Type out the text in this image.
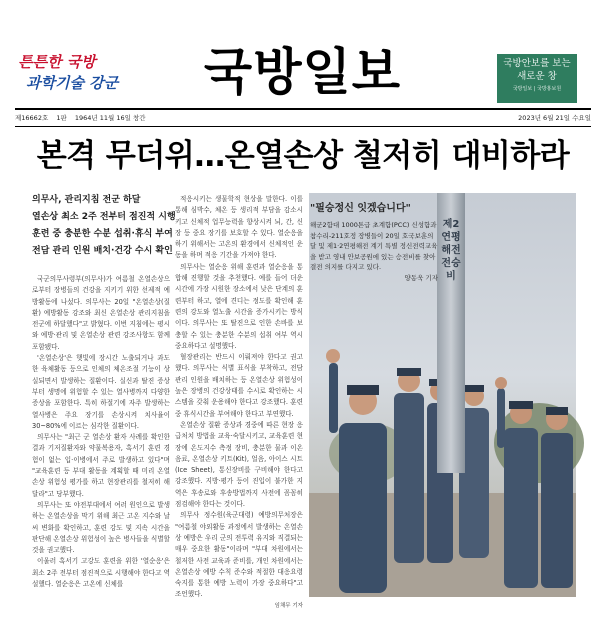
튼튼한 국방
과학기술 강군	국방일보	국방안보를 보는
새로운 창
국방일보 | 국방홍보원
제16662호 1판 1964년 11월 16일 창간	2023년 6월 21일 수요일
본격 무더위…온열손상 철저히 대비하라
의무사, 관리지침 전군 하달
열손상 최소 2주 전부터 점진적 시행
훈련 중 충분한 수분 섭취·휴식 부여
전담 관리 인원 배치·건강 수시 확인

국군의무사령부(의무사)가 여름철 온열손상으로부터 장병들의 건강을 지키기 위한 선제적 예방활동에 나섰다. 의무사는 20일 "온열손상(질환) 예방활동 강조와 최신 온열손상 관리지침을 전군에 하달했다"고 밝혔다. 이번 지침에는 평시와 예방·관리 및 온열손상 관련 강조사항도 함께 포함됐다.

'온열손상'은 햇빛에 장시간 노출되거나 과도한 육체활동 등으로 인체의 체온조절 기능이 상실되면서 발생하는 질환이다. 실신과 탈진 증상부터 생명에 위험할 수 있는 열사병까지 다양한 증상을 포함한다. 특히 하절기에 자주 발생하는 열사병은 주요 장기를 손상시켜 치사율이 30~80%에 이르는 심각한 질환이다.

의무사는 "최근 군 열손상 환자 사례를 확인한 결과 기저질환자와 약물복용자, 혹서기 훈련 경험이 없는 입·이병에서 주로 발생하고 있다"며 "교육훈련 등 부대 활동을 계획할 때 미리 온열손상 위험성 평가를 하고 현장관리를 철저히 해달라"고 당부했다.

의무사는 또 야전부대에서 여러 원인으로 발생하는 온열손상을 막기 위해 최근 고온 지수와 날씨 변화를 확인하고, 훈련 강도 및 지속 시간을 판단해 온열손상 위험성이 높은 병사들을 식별할 것을 권고했다.

이울러 혹서기 고강도 훈련을 위한 '열순응'은 최소 2주 전부터 점진적으로 시행해야 한다고 역설했다. 열순응은 고온에 신체를

적응시키는 생물학적 현상을 말한다. 이를 통해 심박수, 체온 등 생리적 부담을 감소시키고 신체적 업무능력을 향상시켜 뇌, 간, 신장 등 중요 장기를 보호할 수 있다. 열순응을 하기 위해서는 고온의 환경에서 신체적인 운동을 하며 적응 기간을 가져야 한다.

의무사는 열순응 위해 훈련과 열순응을 통합해 진행할 것을 추천했다. 예를 들어 더운 시간에 가장 시원한 장소에서 낮은 단계의 훈련부터 하고, 열에 견디는 정도를 확인해 훈련의 강도와 열노출 시간을 증가시키는 방식이다. 의무사는 또 탈진으로 인한 손바를 보충할 수 있는 충분한 수분의 섭취 여부 역시 중요하다고 설명했다.

혈장관리는 반드시 이뤄져야 한다고 권고했다. 의무사는 식별 표식을 부착하고, 전담 관리 인원을 배치하는 등 온열손상 위험성이 높은 장병의 건강상태를 수시로 확인하는 시스템을 갖춰 운용해야 한다고 강조했다. 훈련 중 휴식시간을 부여해야 한다고 부연했다.

온열손상 질환 증상과 경중에 따른 현장 응급처치 방법을 교육·숙달시키고, 교육훈련 현장에 온도지수 측정 장비, 충분한 물과 이온음료, 온열손상 키트(Kit), 얼음, 아이스 시트(Ice Sheet), 통신장비를 구비해야 한다고 강조했다. 지방·평가 등이 진입이 불가한 지역은 후송로와 후송방법까지 사전에 꼼꼼히 점검해야 한다는 것이다.

의무사 정수원(육군대령) 예방의무처장은 "여름철 야외활동 과정에서 발생하는 온열손상 예방은 우리 군의 전투력 유지와 직결되는 매우 중요한 활동"이라며 "부대 차원에서는 철저한 사전 교육과 준비를, 개인 차원에서는 온열손상 예방 수칙 준수와 적절한 대응요령 숙지를 통한 예방 노력이 가장 중요하다"고 조언했다.

임채무 기자
제2연평해전전승비
"필승정신 잇겠습니다"
해군2함대 1000톤급 초계함(PCC) 신성함과 참수리-211호정 장병들이 20일 호국보훈의 달 및 제1·2연평해전 계기 특별 정신전력교육을 받고 영내 안보공원에 있는 승전비를 찾아 결전 의지를 다지고 있다.
양동욱 기자
